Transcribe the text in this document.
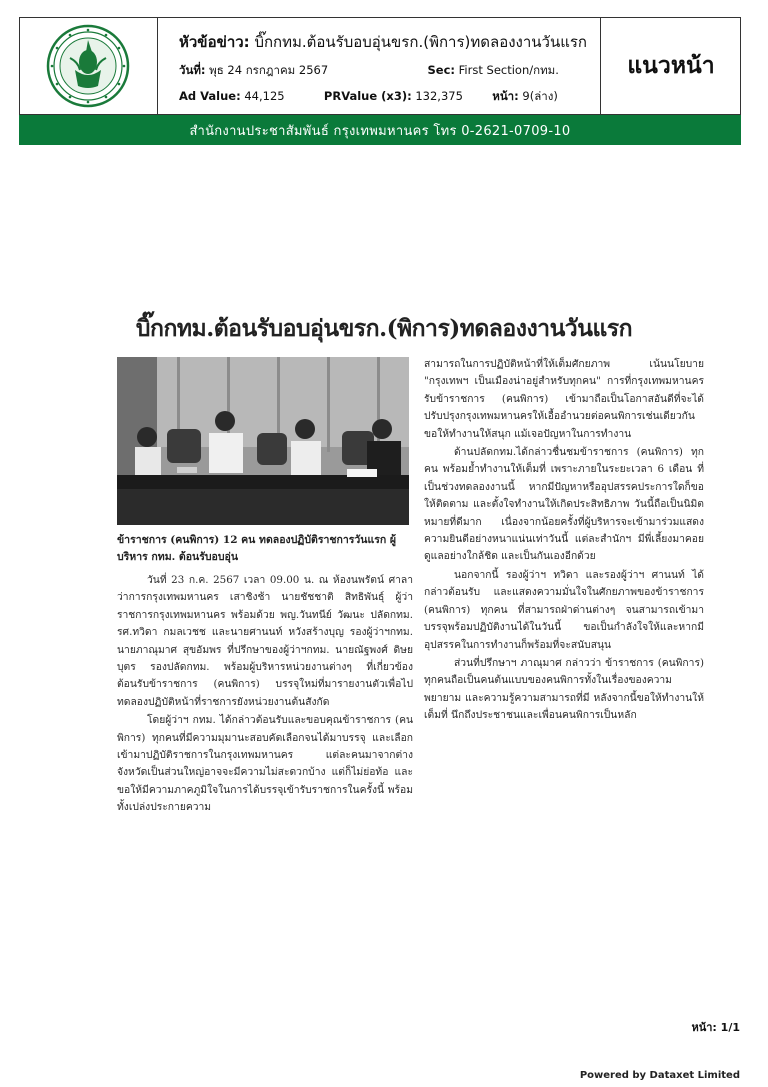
หัวข้อข่าว: บิ๊กกทม.ต้อนรับอบอุ่นขรก.(พิการ)ทดลองงานวันแรก
วันที่: พุธ 24 กรกฎาคม 2567	Sec: First Section/กทม.
Ad Value: 44,125	PRValue (x3): 132,375	หน้า: 9(ล่าง)
แนวหน้า
สำนักงานประชาสัมพันธ์ กรุงเทพมหานคร โทร 0-2621-0709-10
บิ๊กกทม.ต้อนรับอบอุ่นขรก.(พิการ)ทดลองงานวันแรก
ข้าราชการ (คนพิการ) 12 คน ทดลองปฏิบัติราชการวันแรก ผู้บริหาร กทม. ต้อนรับอบอุ่น

วันที่ 23 ก.ค. 2567 เวลา 09.00 น. ณ ห้องนพรัตน์ ศาลาว่าการกรุงเทพมหานคร เสาชิงช้า นายชัชชาติ สิทธิพันธุ์ ผู้ว่าราชการกรุงเทพมหานคร พร้อมด้วย พญ.วันทนีย์ วัฒนะ ปลัดกทม. รศ.ทวิดา กมลเวชช และนายศานนท์ หวังสร้างบุญ รองผู้ว่าฯกทม. นายภาณุมาศ สุขอัมพร ที่ปรึกษาของผู้ว่าฯกทม. นายณัฐพงศ์ ดิษยบุตร รองปลัดกทม. พร้อมผู้บริหารหน่วยงานต่างๆ ที่เกี่ยวข้อง ต้อนรับข้าราชการ (คนพิการ) บรรจุใหม่ที่มารายงานตัวเพื่อไปทดลองปฏิบัติหน้าที่ราชการยังหน่วยงานต้นสังกัด

โดยผู้ว่าฯ กทม. ได้กล่าวต้อนรับและขอบคุณข้าราชการ (คนพิการ) ทุกคนที่มีความมุมานะสอบคัดเลือกจนได้มาบรรจุ และเลือกเข้ามาปฏิบัติราชการในกรุงเทพมหานคร แต่ละคนมาจากต่างจังหวัดเป็นส่วนใหญ่อาจจะมีความไม่สะดวกบ้าง แต่ก็ไม่ย่อท้อ และขอให้มีความภาคภูมิใจในการได้บรรจุเข้ารับราชการในครั้งนี้ พร้อมทั้งเปล่งประกายความ

สามารถในการปฏิบัติหน้าที่ให้เต็มศักยภาพ เน้นนโยบาย "กรุงเทพฯ เป็นเมืองน่าอยู่สำหรับทุกคน" การที่กรุงเทพมหานครรับข้าราชการ (คนพิการ) เข้ามาถือเป็นโอกาสอันดีที่จะได้ปรับปรุงกรุงเทพมหานครให้เอื้ออำนวยต่อคนพิการเช่นเดียวกัน ขอให้ทำงานให้สนุก แม้เจอปัญหาในการทำงาน

ด้านปลัดกทม.ได้กล่าวชื่นชมข้าราชการ (คนพิการ) ทุกคน พร้อมย้ำทำงานให้เต็มที่ เพราะภายในระยะเวลา 6 เดือน ที่เป็นช่วงทดลองงานนี้ หากมีปัญหาหรืออุปสรรคประการใดก็ขอให้ติดตาม และตั้งใจทำงานให้เกิดประสิทธิภาพ วันนี้ถือเป็นนิมิตหมายที่ดีมาก เนื่องจากน้อยครั้งที่ผู้บริหารจะเข้ามาร่วมแสดงความยินดีอย่างหนาแน่นเท่าวันนี้ แต่ละสำนักฯ มีพี่เลี้ยงมาคอยดูแลอย่างใกล้ชิด และเป็นกันเองอีกด้วย

นอกจากนี้ รองผู้ว่าฯ ทวิดา และรองผู้ว่าฯ ศานนท์ ได้กล่าวต้อนรับ และแสดงความมั่นใจในศักยภาพของข้าราชการ (คนพิการ) ทุกคน ที่สามารถฝ่าด่านต่างๆ จนสามารถเข้ามาบรรจุพร้อมปฏิบัติงานได้ในวันนี้ ขอเป็นกำลังใจให้และหากมีอุปสรรคในการทำงานก็พร้อมที่จะสนับสนุน

ส่วนที่ปรึกษาฯ ภาณุมาศ กล่าวว่า ข้าราชการ (คนพิการ) ทุกคนถือเป็นคนต้นแบบของคนพิการทั้งในเรื่องของความพยายาม และความรู้ความสามารถที่มี หลังจากนี้ขอให้ทำงานให้เต็มที่ นึกถึงประชาชนและเพื่อนคนพิการเป็นหลัก

หน้า: 1/1
Powered by Dataxet Limited
